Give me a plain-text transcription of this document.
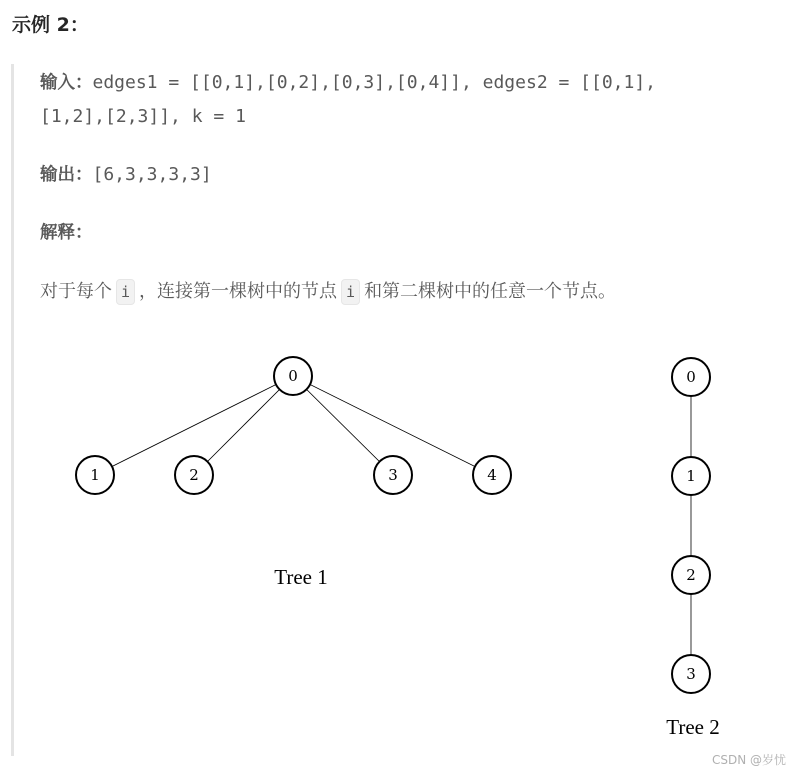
示例 2：
输入：edges1 = [[0,1],[0,2],[0,3],[0,4]], edges2 = [[0,1],
[1,2],[2,3]], k = 1
输出：[6,3,3,3,3]
解释：
对于每个 i ，连接第一棵树中的节点 i 和第二棵树中的任意一个节点。
0
1	2	3	4
Tree 1
0
1
2
3
Tree 2
CSDN @岁忧
